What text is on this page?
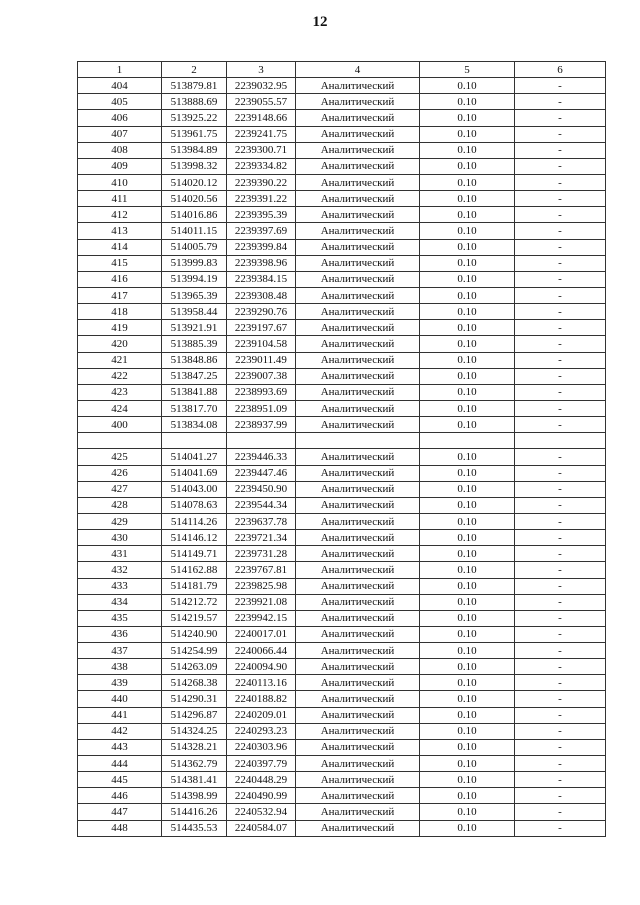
12
1	2	3	4	5	6
404	513879.81	2239032.95	Аналитический	0.10	-
405	513888.69	2239055.57	Аналитический	0.10	-
406	513925.22	2239148.66	Аналитический	0.10	-
407	513961.75	2239241.75	Аналитический	0.10	-
408	513984.89	2239300.71	Аналитический	0.10	-
409	513998.32	2239334.82	Аналитический	0.10	-
410	514020.12	2239390.22	Аналитический	0.10	-
411	514020.56	2239391.22	Аналитический	0.10	-
412	514016.86	2239395.39	Аналитический	0.10	-
413	514011.15	2239397.69	Аналитический	0.10	-
414	514005.79	2239399.84	Аналитический	0.10	-
415	513999.83	2239398.96	Аналитический	0.10	-
416	513994.19	2239384.15	Аналитический	0.10	-
417	513965.39	2239308.48	Аналитический	0.10	-
418	513958.44	2239290.76	Аналитический	0.10	-
419	513921.91	2239197.67	Аналитический	0.10	-
420	513885.39	2239104.58	Аналитический	0.10	-
421	513848.86	2239011.49	Аналитический	0.10	-
422	513847.25	2239007.38	Аналитический	0.10	-
423	513841.88	2238993.69	Аналитический	0.10	-
424	513817.70	2238951.09	Аналитический	0.10	-
400	513834.08	2238937.99	Аналитический	0.10	-

425	514041.27	2239446.33	Аналитический	0.10	-
426	514041.69	2239447.46	Аналитический	0.10	-
427	514043.00	2239450.90	Аналитический	0.10	-
428	514078.63	2239544.34	Аналитический	0.10	-
429	514114.26	2239637.78	Аналитический	0.10	-
430	514146.12	2239721.34	Аналитический	0.10	-
431	514149.71	2239731.28	Аналитический	0.10	-
432	514162.88	2239767.81	Аналитический	0.10	-
433	514181.79	2239825.98	Аналитический	0.10	-
434	514212.72	2239921.08	Аналитический	0.10	-
435	514219.57	2239942.15	Аналитический	0.10	-
436	514240.90	2240017.01	Аналитический	0.10	-
437	514254.99	2240066.44	Аналитический	0.10	-
438	514263.09	2240094.90	Аналитический	0.10	-
439	514268.38	2240113.16	Аналитический	0.10	-
440	514290.31	2240188.82	Аналитический	0.10	-
441	514296.87	2240209.01	Аналитический	0.10	-
442	514324.25	2240293.23	Аналитический	0.10	-
443	514328.21	2240303.96	Аналитический	0.10	-
444	514362.79	2240397.79	Аналитический	0.10	-
445	514381.41	2240448.29	Аналитический	0.10	-
446	514398.99	2240490.99	Аналитический	0.10	-
447	514416.26	2240532.94	Аналитический	0.10	-
448	514435.53	2240584.07	Аналитический	0.10	-
